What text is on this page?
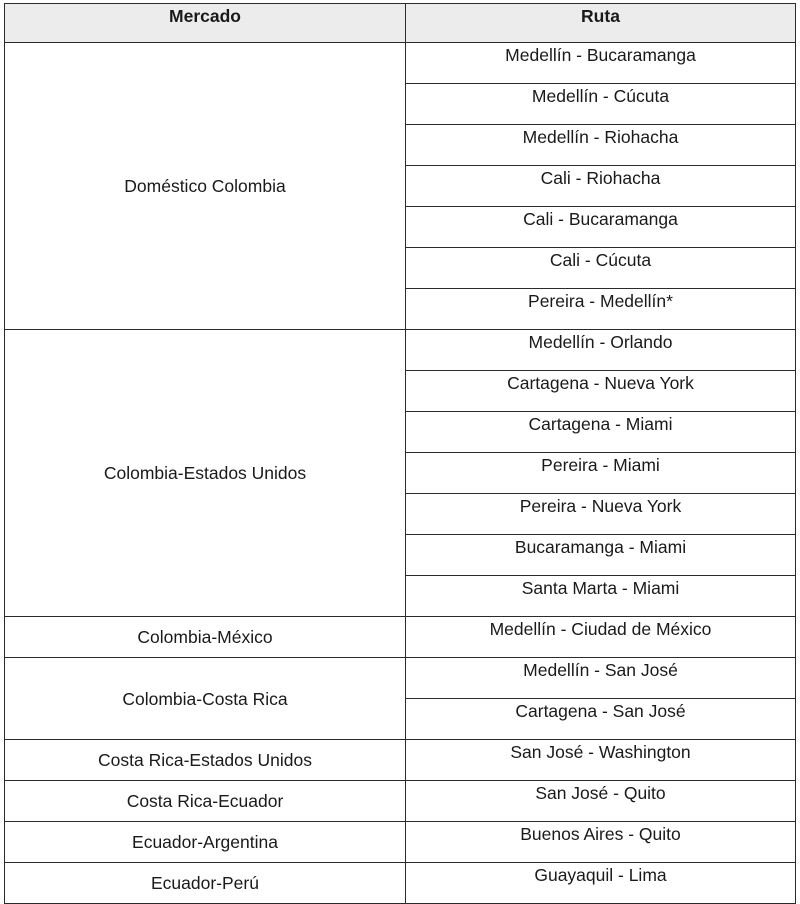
Mercado	Ruta
Doméstico Colombia	Medellín - Bucaramanga
	Medellín - Cúcuta
	Medellín - Riohacha
	Cali - Riohacha
	Cali - Bucaramanga
	Cali - Cúcuta
	Pereira - Medellín*
Colombia-Estados Unidos	Medellín - Orlando
	Cartagena - Nueva York
	Cartagena - Miami
	Pereira - Miami
	Pereira - Nueva York
	Bucaramanga - Miami
	Santa Marta - Miami
Colombia-México	Medellín - Ciudad de México
Colombia-Costa Rica	Medellín - San José
	Cartagena - San José
Costa Rica-Estados Unidos	San José - Washington
Costa Rica-Ecuador	San José - Quito
Ecuador-Argentina	Buenos Aires - Quito
Ecuador-Perú	Guayaquil - Lima
